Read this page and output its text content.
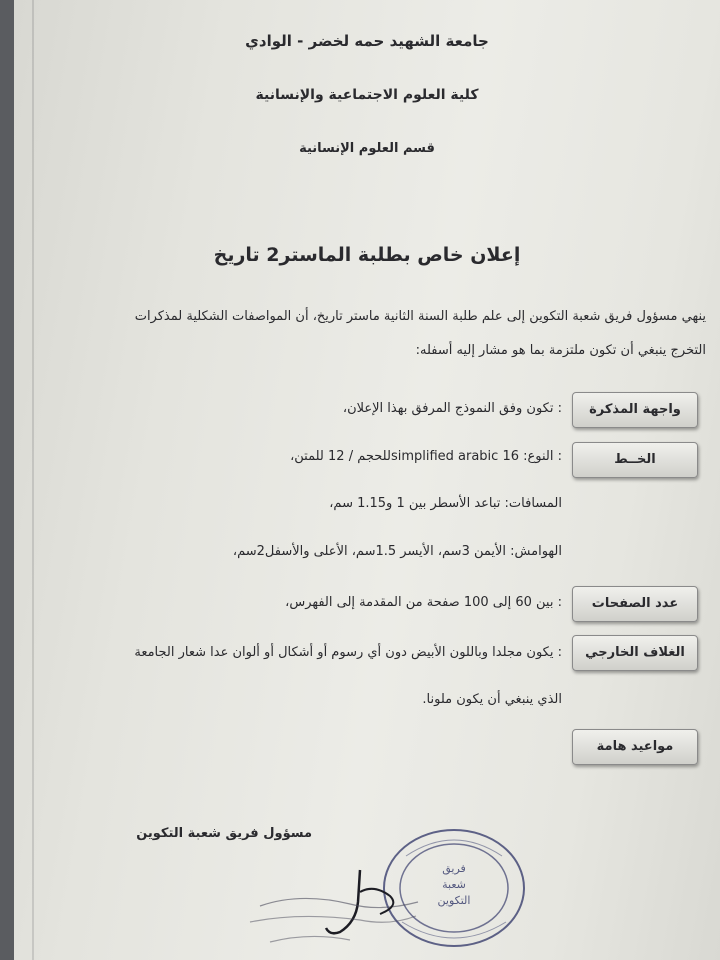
جامعة الشهيد حمه لخضر - الوادي
كلية العلوم الاجتماعية والإنسانية
قسم العلوم الإنسانية
إعلان خاص بطلبة الماستر2 تاريخ
ينهي مسؤول فريق شعبة التكوين إلى علم طلبة السنة الثانية ماستر تاريخ، أن المواصفات الشكلية لمذكرات
التخرج ينبغي أن تكون ملتزمة بما هو مشار إليه أسفله:
واجهة المذكرة
: تكون وفق النموذج المرفق بهذا الإعلان،
الخــط
: النوع: simplified arabic 16للحجم / 12 للمتن،
المسافات: تباعد الأسطر بين 1 و1.15 سم،
الهوامش: الأيمن 3سم، الأيسر 1.5سم، الأعلى والأسفل2سم،
عدد الصفحات
: بين 60 إلى 100 صفحة من المقدمة إلى الفهرس،
الغلاف الخارجي
: يكون مجلدا وباللون الأبيض دون أي رسوم أو أشكال أو ألوان عدا شعار الجامعة
الذي ينبغي أن يكون ملونا.
مواعيد هامة
مسؤول فريق شعبة التكوين
فريق
شعبة
التكوين
